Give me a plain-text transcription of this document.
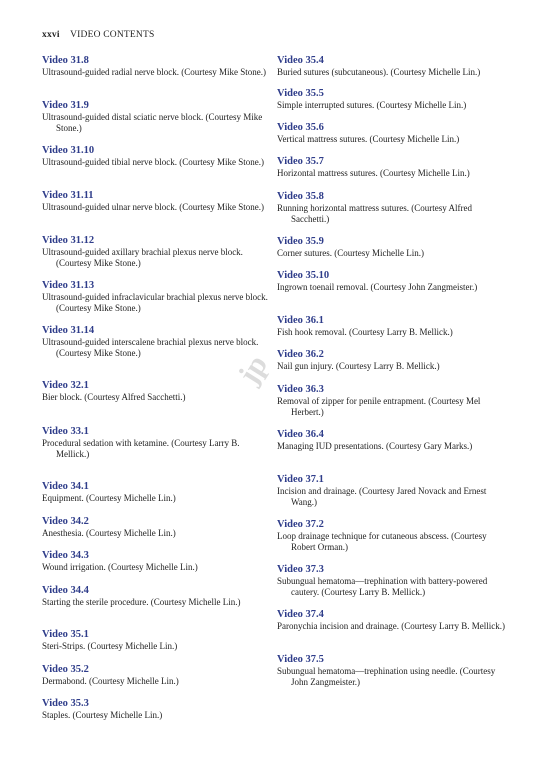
xxvi VIDEO CONTENTS
Video 31.8
Ultrasound-guided radial nerve block. (Courtesy Mike Stone.)
Video 31.9
Ultrasound-guided distal sciatic nerve block. (Courtesy Mike Stone.)
Video 31.10
Ultrasound-guided tibial nerve block. (Courtesy Mike Stone.)
Video 31.11
Ultrasound-guided ulnar nerve block. (Courtesy Mike Stone.)
Video 31.12
Ultrasound-guided axillary brachial plexus nerve block. (Courtesy Mike Stone.)
Video 31.13
Ultrasound-guided infraclavicular brachial plexus nerve block. (Courtesy Mike Stone.)
Video 31.14
Ultrasound-guided interscalene brachial plexus nerve block. (Courtesy Mike Stone.)
Video 32.1
Bier block. (Courtesy Alfred Sacchetti.)
Video 33.1
Procedural sedation with ketamine. (Courtesy Larry B. Mellick.)
Video 34.1
Equipment. (Courtesy Michelle Lin.)
Video 34.2
Anesthesia. (Courtesy Michelle Lin.)
Video 34.3
Wound irrigation. (Courtesy Michelle Lin.)
Video 34.4
Starting the sterile procedure. (Courtesy Michelle Lin.)
Video 35.1
Steri-Strips. (Courtesy Michelle Lin.)
Video 35.2
Dermabond. (Courtesy Michelle Lin.)
Video 35.3
Staples. (Courtesy Michelle Lin.)
Video 35.4
Buried sutures (subcutaneous). (Courtesy Michelle Lin.)
Video 35.5
Simple interrupted sutures. (Courtesy Michelle Lin.)
Video 35.6
Vertical mattress sutures. (Courtesy Michelle Lin.)
Video 35.7
Horizontal mattress sutures. (Courtesy Michelle Lin.)
Video 35.8
Running horizontal mattress sutures. (Courtesy Alfred Sacchetti.)
Video 35.9
Corner sutures. (Courtesy Michelle Lin.)
Video 35.10
Ingrown toenail removal. (Courtesy John Zangmeister.)
Video 36.1
Fish hook removal. (Courtesy Larry B. Mellick.)
Video 36.2
Nail gun injury. (Courtesy Larry B. Mellick.)
Video 36.3
Removal of zipper for penile entrapment. (Courtesy Mel Herbert.)
Video 36.4
Managing IUD presentations. (Courtesy Gary Marks.)
Video 37.1
Incision and drainage. (Courtesy Jared Novack and Ernest Wang.)
Video 37.2
Loop drainage technique for cutaneous abscess. (Courtesy Robert Orman.)
Video 37.3
Subungual hematoma—trephination with battery-powered cautery. (Courtesy Larry B. Mellick.)
Video 37.4
Paronychia incision and drainage. (Courtesy Larry B. Mellick.)
Video 37.5
Subungual hematoma—trephination using needle. (Courtesy John Zangmeister.)
jp
